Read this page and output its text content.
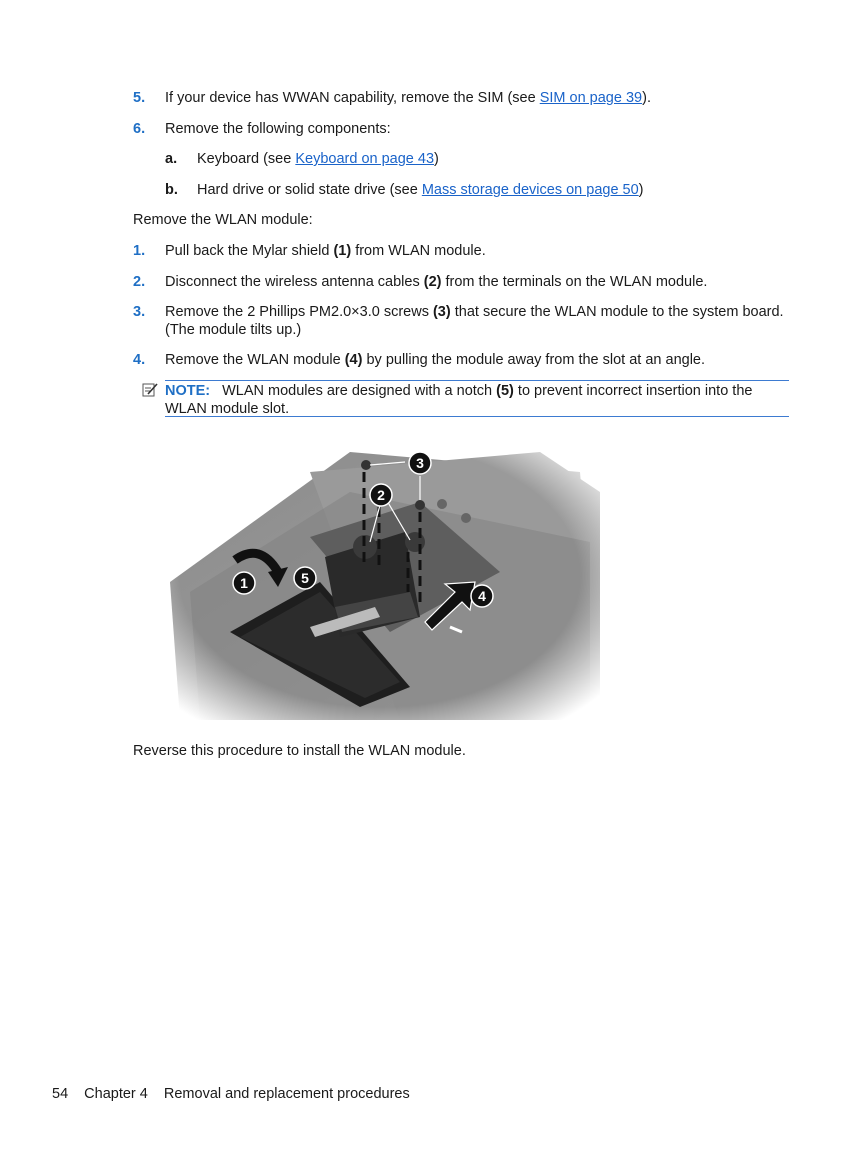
5. If your device has WWAN capability, remove the SIM (see SIM on page 39).
6. Remove the following components:
a. Keyboard (see Keyboard on page 43)
b. Hard drive or solid state drive (see Mass storage devices on page 50)
Remove the WLAN module:
1. Pull back the Mylar shield (1) from WLAN module.
2. Disconnect the wireless antenna cables (2) from the terminals on the WLAN module.
3. Remove the 2 Phillips PM2.0×3.0 screws (3) that secure the WLAN module to the system board. (The module tilts up.)
4. Remove the WLAN module (4) by pulling the module away from the slot at an angle.
NOTE: WLAN modules are designed with a notch (5) to prevent incorrect insertion into the WLAN module slot.
Reverse this procedure to install the WLAN module.
54 Chapter 4 Removal and replacement procedures
